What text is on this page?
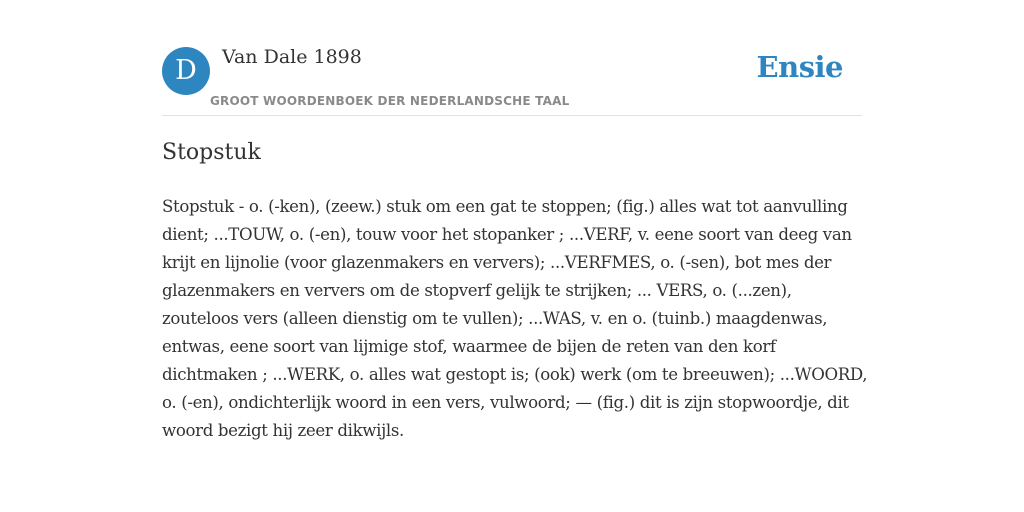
D	Van Dale 1898
GROOT WOORDENBOEK DER NEDERLANDSCHE TAAL
Ensie
Stopstuk

Stopstuk - o. (-ken), (zeew.) stuk om een gat te stoppen; (fig.) alles wat tot aanvulling dient; ...TOUW, o. (-en), touw voor het stopanker ; ...VERF, v. eene soort van deeg van krijt en lijnolie (voor glazenmakers en ververs); ...VERFMES, o. (-sen), bot mes der glazenmakers en ververs om de stopverf gelijk te strijken; ... VERS, o. (...zen), zouteloos vers (alleen dienstig om te vullen); ...WAS, v. en o. (tuinb.) maagdenwas, entwas, eene soort van lijmige stof, waarmee de bijen de reten van den korf dichtmaken ; ...WERK, o. alles wat gestopt is; (ook) werk (om te breeuwen); ...WOORD, o. (-en), ondichterlijk woord in een vers, vulwoord; — (fig.) dit is zijn stopwoordje, dit woord bezigt hij zeer dikwijls.
